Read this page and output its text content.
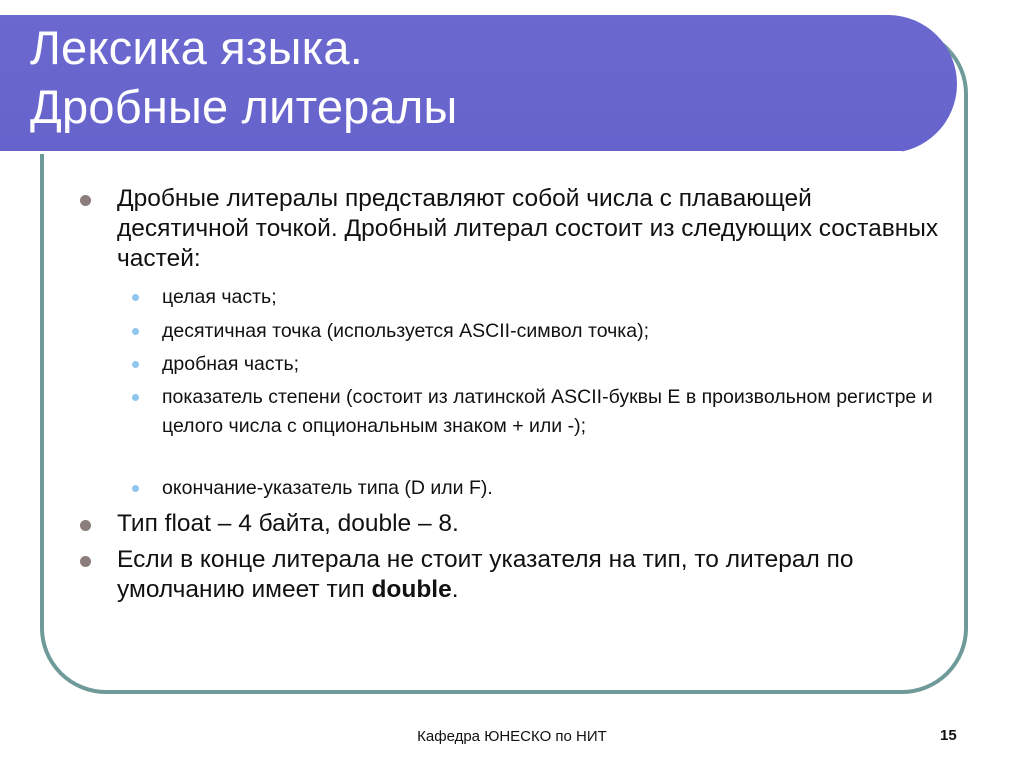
Лексика языка.
Дробные литералы
Дробные литералы представляют собой числа с плавающей десятичной точкой. Дробный литерал состоит из следующих составных частей:
целая часть;
десятичная точка (используется ASCII-символ точка);
дробная часть;
показатель степени (состоит из латинской ASCII-буквы E в произвольном регистре и целого числа с опциональным знаком + или -);
окончание-указатель типа (D или F).
Тип float – 4 байта, double – 8.
Если в конце литерала не стоит указателя на тип, то литерал по умолчанию имеет тип double.
Кафедра ЮНЕСКО по НИТ	15
